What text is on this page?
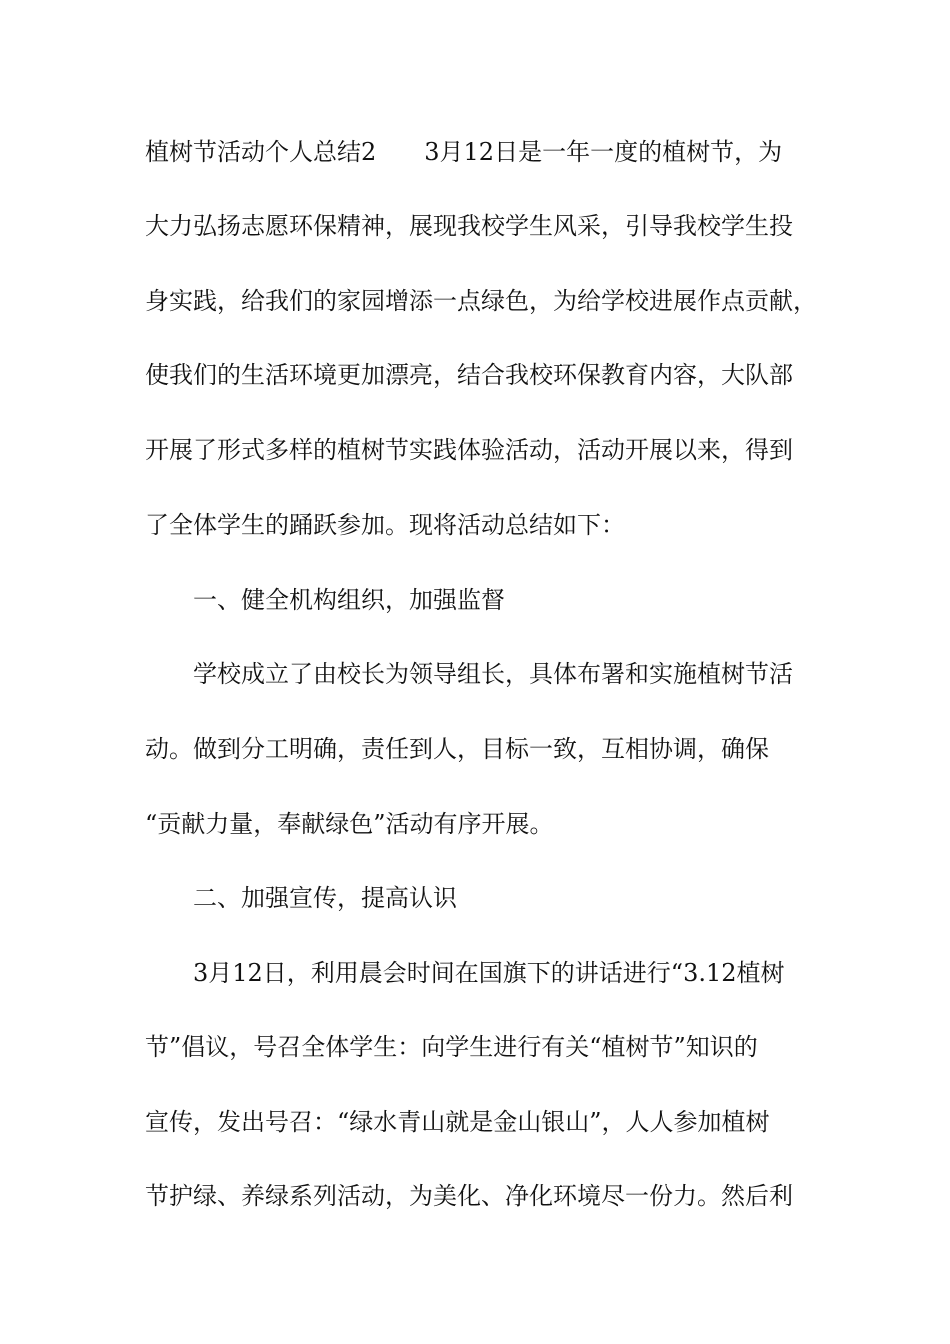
植树节活动个人总结2　　3月12日是一年一度的植树节，为
大力弘扬志愿环保精神，展现我校学生风采，引导我校学生投
身实践，给我们的家园增添一点绿色，为给学校进展作点贡献，
使我们的生活环境更加漂亮，结合我校环保教育内容，大队部
开展了形式多样的植树节实践体验活动，活动开展以来，得到
了全体学生的踊跃参加。现将活动总结如下：
一、健全机构组织，加强监督
学校成立了由校长为领导组长，具体布署和实施植树节活
动。做到分工明确，责任到人，目标一致，互相协调，确保
“贡献力量，奉献绿色”活动有序开展。
二、加强宣传，提高认识
3月12日，利用晨会时间在国旗下的讲话进行“3.12植树
节”倡议，号召全体学生：向学生进行有关“植树节”知识的
宣传，发出号召：“绿水青山就是金山银山”，人人参加植树
节护绿、养绿系列活动，为美化、净化环境尽一份力。然后利
